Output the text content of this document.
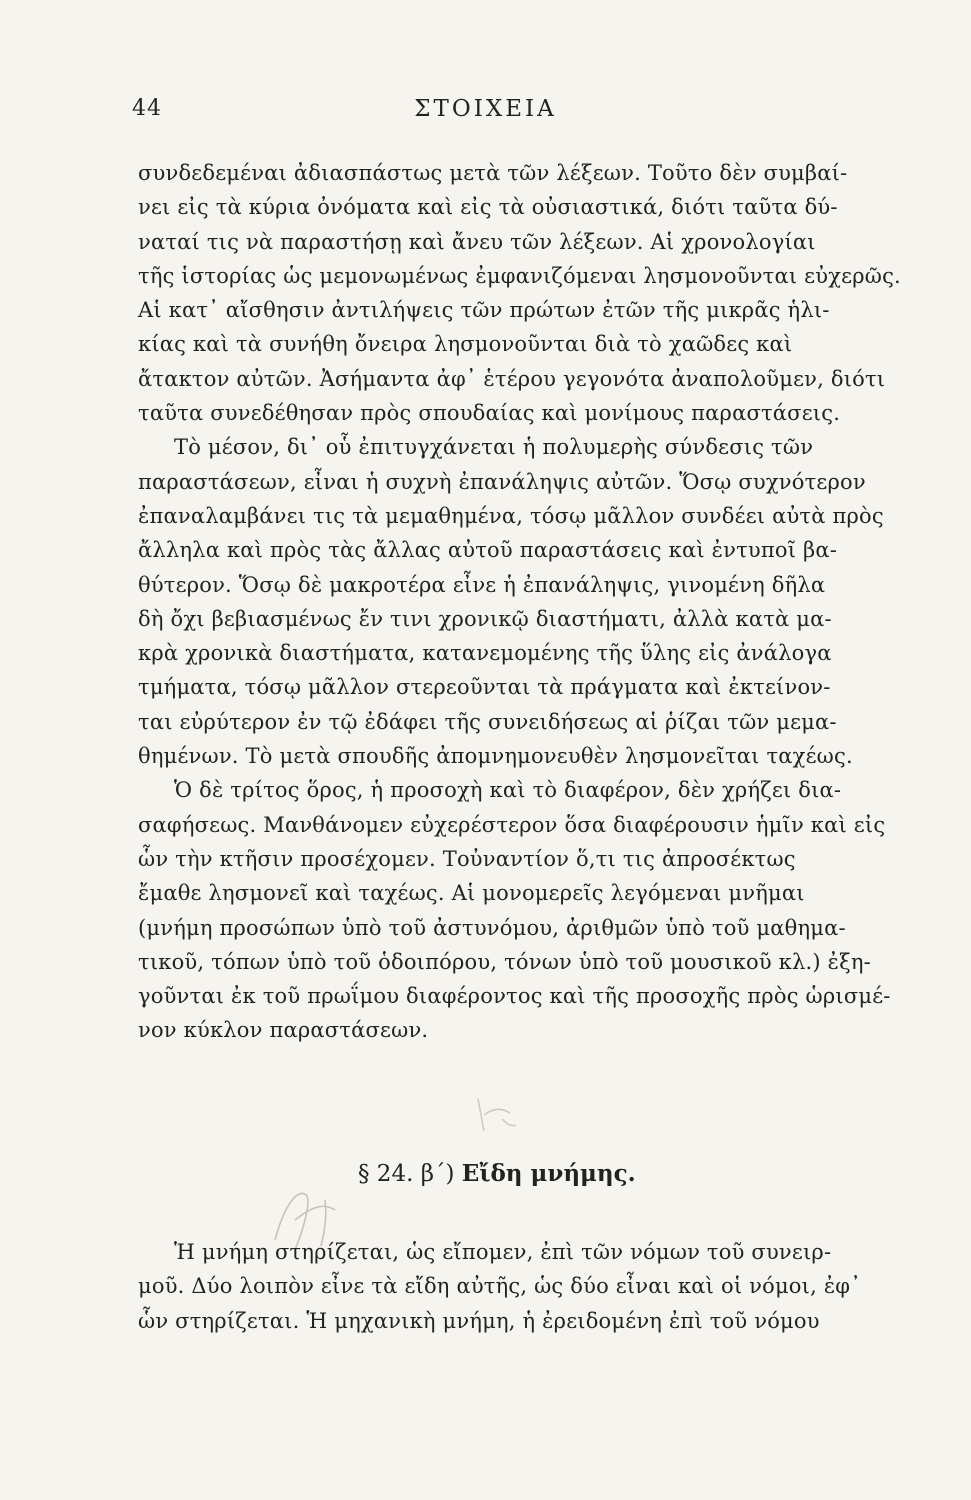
44	ΣΤΟΙΧΕΙΑ
συνδεδεμέναι ἀδιασπάστως μετὰ τῶν λέξεων. Τοῦτο δὲν συμβαί-
νει εἰς τὰ κύρια ὀνόματα καὶ εἰς τὰ οὐσιαστικά, διότι ταῦτα δύ-
ναταί τις νὰ παραστήσῃ καὶ ἄνευ τῶν λέξεων. Αἱ χρονολογίαι
τῆς ἱστορίας ὡς μεμονωμένως ἐμφανιζόμεναι λησμονοῦνται εὐχερῶς.
Αἱ κατ᾽ αἴσθησιν ἀντιλήψεις τῶν πρώτων ἐτῶν τῆς μικρᾶς ἡλι-
κίας καὶ τὰ συνήθη ὄνειρα λησμονοῦνται διὰ τὸ χαῶδες καὶ
ἄτακτον αὐτῶν. Ἀσήμαντα ἀφ᾽ ἑτέρου γεγονότα ἀναπολοῦμεν, διότι
ταῦτα συνεδέθησαν πρὸς σπουδαίας καὶ μονίμους παραστάσεις.
Τὸ μέσον, δι᾽ οὗ ἐπιτυγχάνεται ἡ πολυμερὴς σύνδεσις τῶν
παραστάσεων, εἶναι ἡ συχνὴ ἐπανάληψις αὐτῶν. Ὅσῳ συχνότερον
ἐπαναλαμβάνει τις τὰ μεμαθημένα, τόσῳ μᾶλλον συνδέει αὐτὰ πρὸς
ἄλληλα καὶ πρὸς τὰς ἄλλας αὐτοῦ παραστάσεις καὶ ἐντυποῖ βα-
θύτερον. Ὅσῳ δὲ μακροτέρα εἶνε ἡ ἐπανάληψις, γινομένη δῆλα
δὴ ὄχι βεβιασμένως ἔν τινι χρονικῷ διαστήματι, ἀλλὰ κατὰ μα-
κρὰ χρονικὰ διαστήματα, κατανεμομένης τῆς ὕλης εἰς ἀνάλογα
τμήματα, τόσῳ μᾶλλον στερεοῦνται τὰ πράγματα καὶ ἐκτείνον-
ται εὐρύτερον ἐν τῷ ἐδάφει τῆς συνειδήσεως αἱ ῥίζαι τῶν μεμα-
θημένων. Τὸ μετὰ σπουδῆς ἀπομνημονευθὲν λησμονεῖται ταχέως.
Ὁ δὲ τρίτος ὅρος, ἡ προσοχὴ καὶ τὸ διαφέρον, δὲν χρήζει δια-
σαφήσεως. Μανθάνομεν εὐχερέστερον ὅσα διαφέρουσιν ἡμῖν καὶ εἰς
ὧν τὴν κτῆσιν προσέχομεν. Τοὐναντίον ὅ,τι τις ἀπροσέκτως
ἔμαθε λησμονεῖ καὶ ταχέως. Αἱ μονομερεῖς λεγόμεναι μνῆμαι
(μνήμη προσώπων ὑπὸ τοῦ ἀστυνόμου, ἀριθμῶν ὑπὸ τοῦ μαθημα-
τικοῦ, τόπων ὑπὸ τοῦ ὁδοιπόρου, τόνων ὑπὸ τοῦ μουσικοῦ κλ.) ἐξη-
γοῦνται ἐκ τοῦ πρωΐμου διαφέροντος καὶ τῆς προσοχῆς πρὸς ὡρισμέ-
νον κύκλον παραστάσεων.
§ 24. β΄) Εἴδη μνήμης.
Ἡ μνήμη στηρίζεται, ὡς εἴπομεν, ἐπὶ τῶν νόμων τοῦ συνειρ-
μοῦ. Δύο λοιπὸν εἶνε τὰ εἴδη αὐτῆς, ὡς δύο εἶναι καὶ οἱ νόμοι, ἐφ᾽
ὧν στηρίζεται. Ἡ μηχανικὴ μνήμη, ἡ ἐρειδομένη ἐπὶ τοῦ νόμου
